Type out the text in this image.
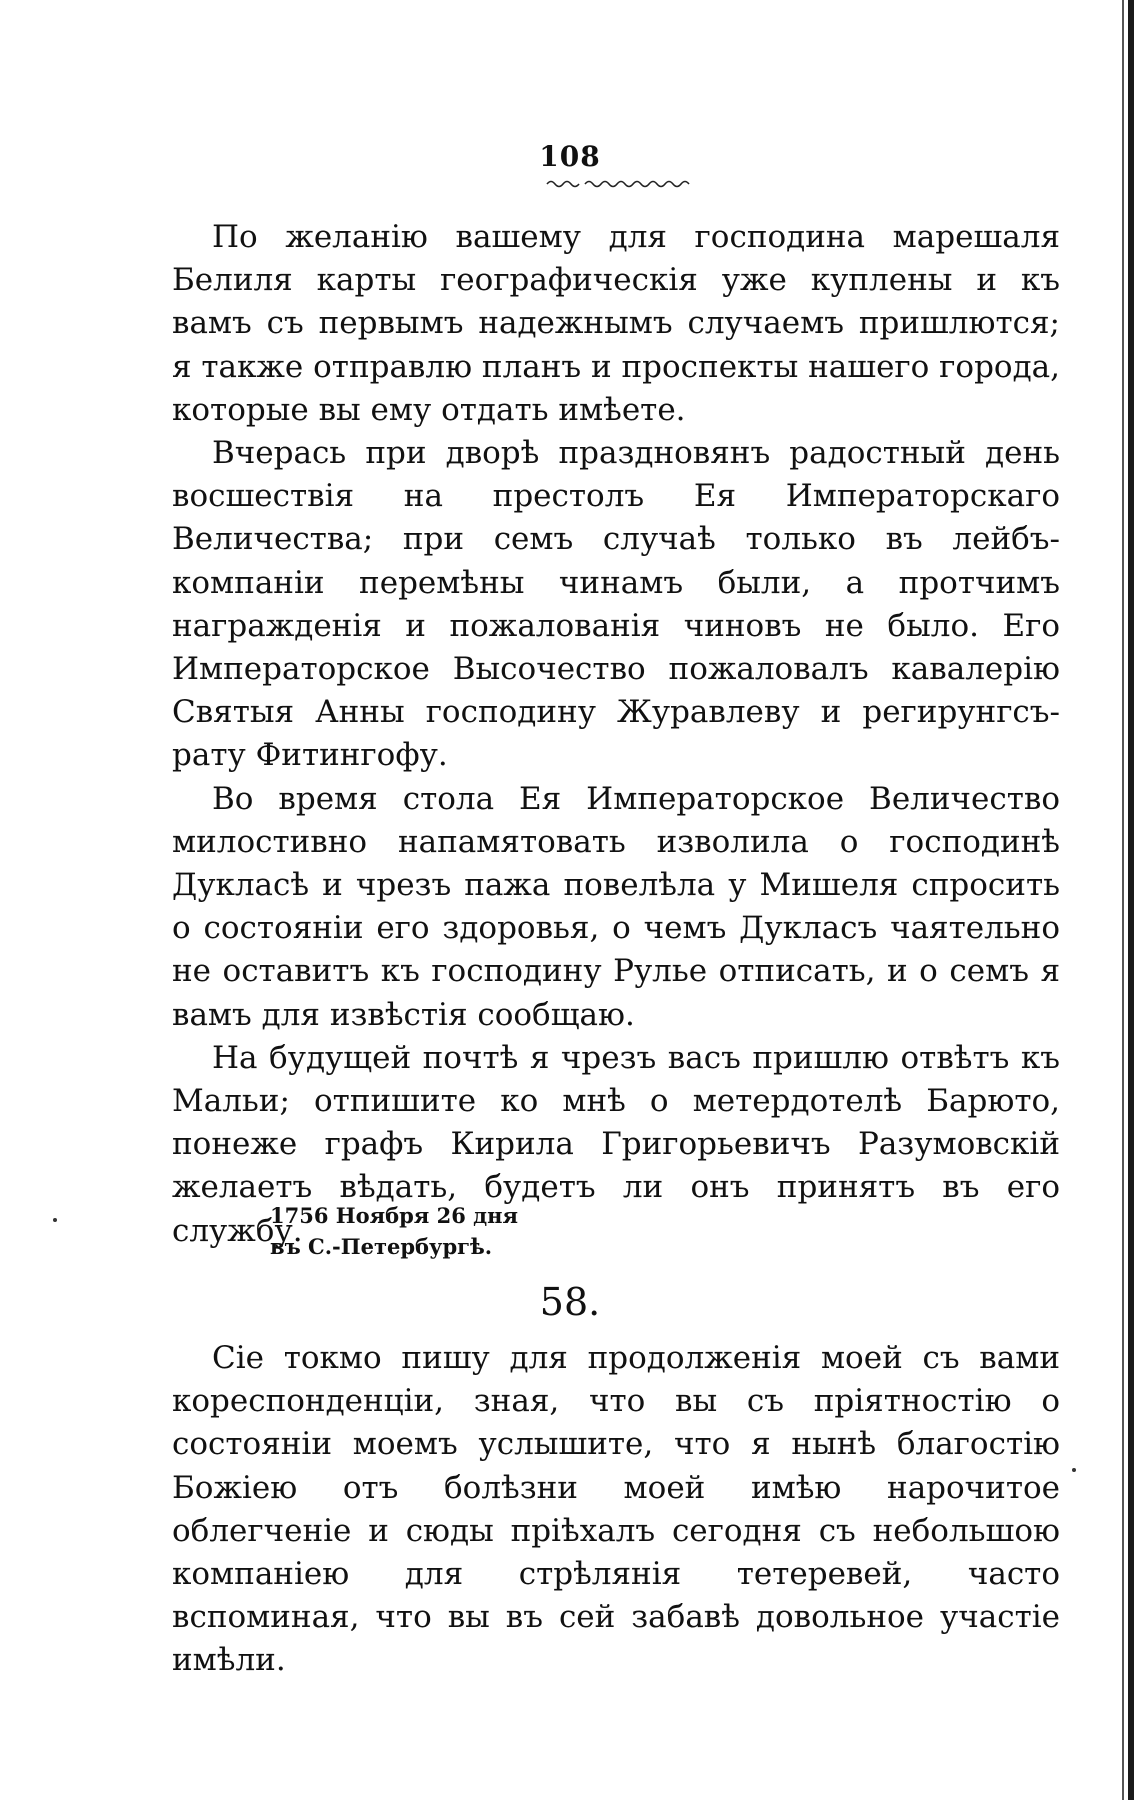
108

По желанію вашему для господина марешаля Белиля карты географическія уже куплены и къ вамъ съ первымъ надежнымъ случаемъ пришлются; я также отправлю планъ и проспекты нашего города, которые вы ему отдать имѣете.

Вчерась при дворѣ праздновянъ радостный день восшествія на престолъ Ея Императорскаго Величества; при семъ случаѣ только въ лейбъ-компаніи перемѣны чинамъ были, а протчимъ награжденія и пожалованія чиновъ не было. Его Императорское Высочество пожаловалъ кавалерію Святыя Анны господину Журавлеву и регирунгсъ-рату Фитингофу.

Во время стола Ея Императорское Величество милостивно напамятовать изволила о господинѣ Дукласѣ и чрезъ пажа повелѣла у Мишеля спросить о состояніи его здоровья, о чемъ Дукласъ чаятельно не оставитъ къ господину Рулье отписать, и о семъ я вамъ для извѣстія сообщаю.

На будущей почтѣ я чрезъ васъ пришлю отвѣтъ къ Мальи; отпишите ко мнѣ о метердотелѣ Барюто, понеже графъ Кирила Григорьевичъ Разумовскій желаетъ вѣдать, будетъ ли онъ принятъ въ его службу.

1756 Ноября 26 дня
въ С.-Петербургѣ.
58.

Сіе токмо пишу для продолженія моей съ вами кореспонденціи, зная, что вы съ пріятностію о состояніи моемъ услышите, что я нынѣ благостію Божіею отъ болѣзни моей имѣю нарочитое облегченіе и сюды пріѣхалъ сегодня съ небольшою компаніею для стрѣлянія тетеревей, часто вспоминая, что вы въ сей забавѣ довольное участіе имѣли.
